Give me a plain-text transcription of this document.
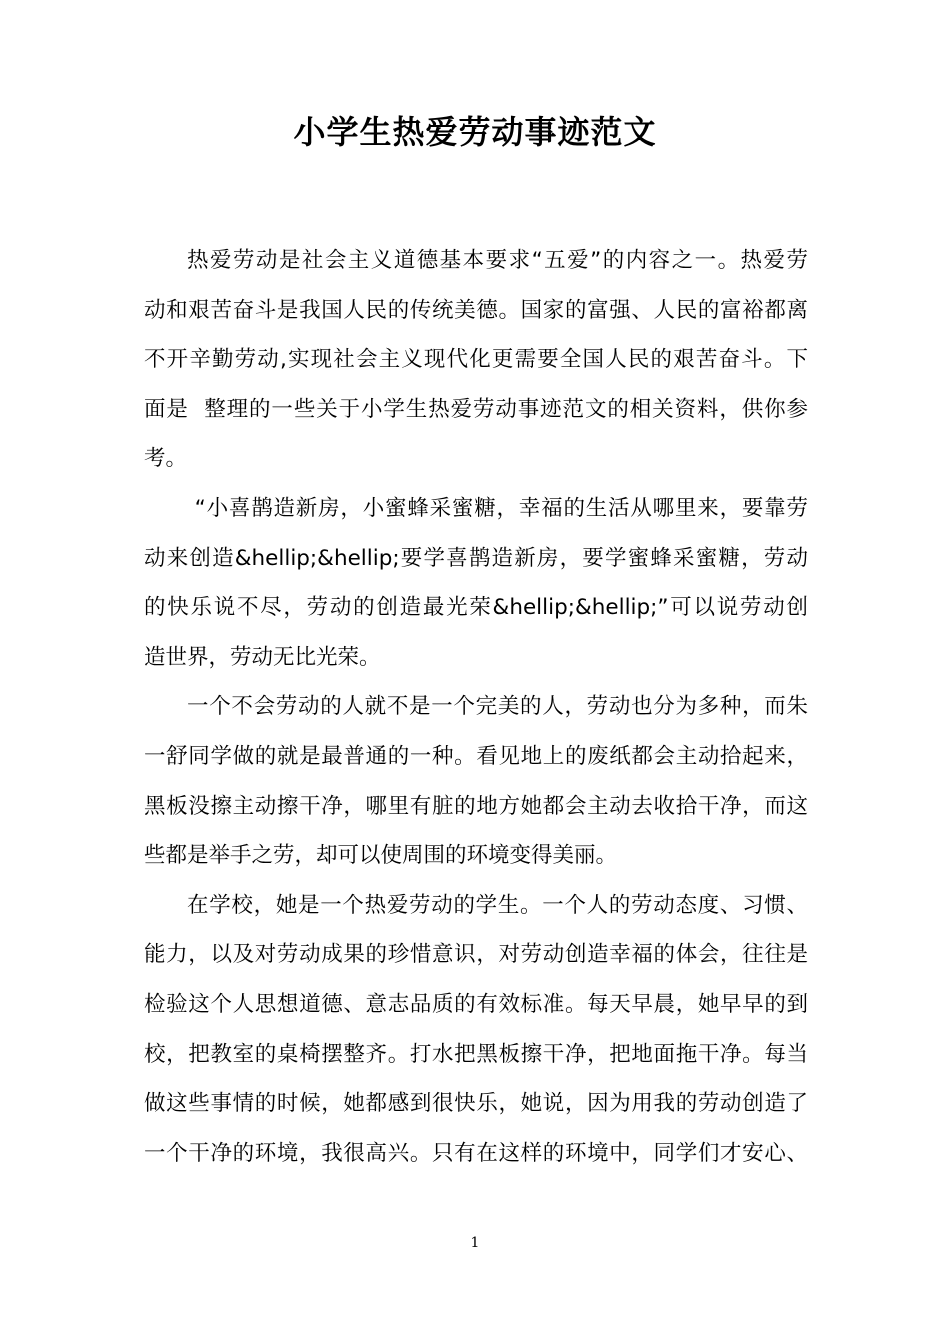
小学生热爱劳动事迹范文

热爱劳动是社会主义道德基本要求“五爱”的内容之一。热爱劳
动和艰苦奋斗是我国人民的传统美德。国家的富强、人民的富裕都离
不开辛勤劳动,实现社会主义现代化更需要全国人民的艰苦奋斗。下
面是  整理的一些关于小学生热爱劳动事迹范文的相关资料，供你参
考。

“小喜鹊造新房，小蜜蜂采蜜糖，幸福的生活从哪里来，要靠劳
动来创造&hellip;&hellip;要学喜鹊造新房，要学蜜蜂采蜜糖，劳动
的快乐说不尽，劳动的创造最光荣&hellip;&hellip;”可以说劳动创
造世界，劳动无比光荣。

一个不会劳动的人就不是一个完美的人，劳动也分为多种，而朱
一舒同学做的就是最普通的一种。看见地上的废纸都会主动拾起来，
黑板没擦主动擦干净，哪里有脏的地方她都会主动去收拾干净，而这
些都是举手之劳，却可以使周围的环境变得美丽。

在学校，她是一个热爱劳动的学生。一个人的劳动态度、习惯、
能力，以及对劳动成果的珍惜意识，对劳动创造幸福的体会，往往是
检验这个人思想道德、意志品质的有效标准。每天早晨，她早早的到
校，把教室的桌椅摆整齐。打水把黑板擦干净，把地面拖干净。每当
做这些事情的时候，她都感到很快乐，她说，因为用我的劳动创造了
一个干净的环境，我很高兴。只有在这样的环境中，同学们才安心、

1
